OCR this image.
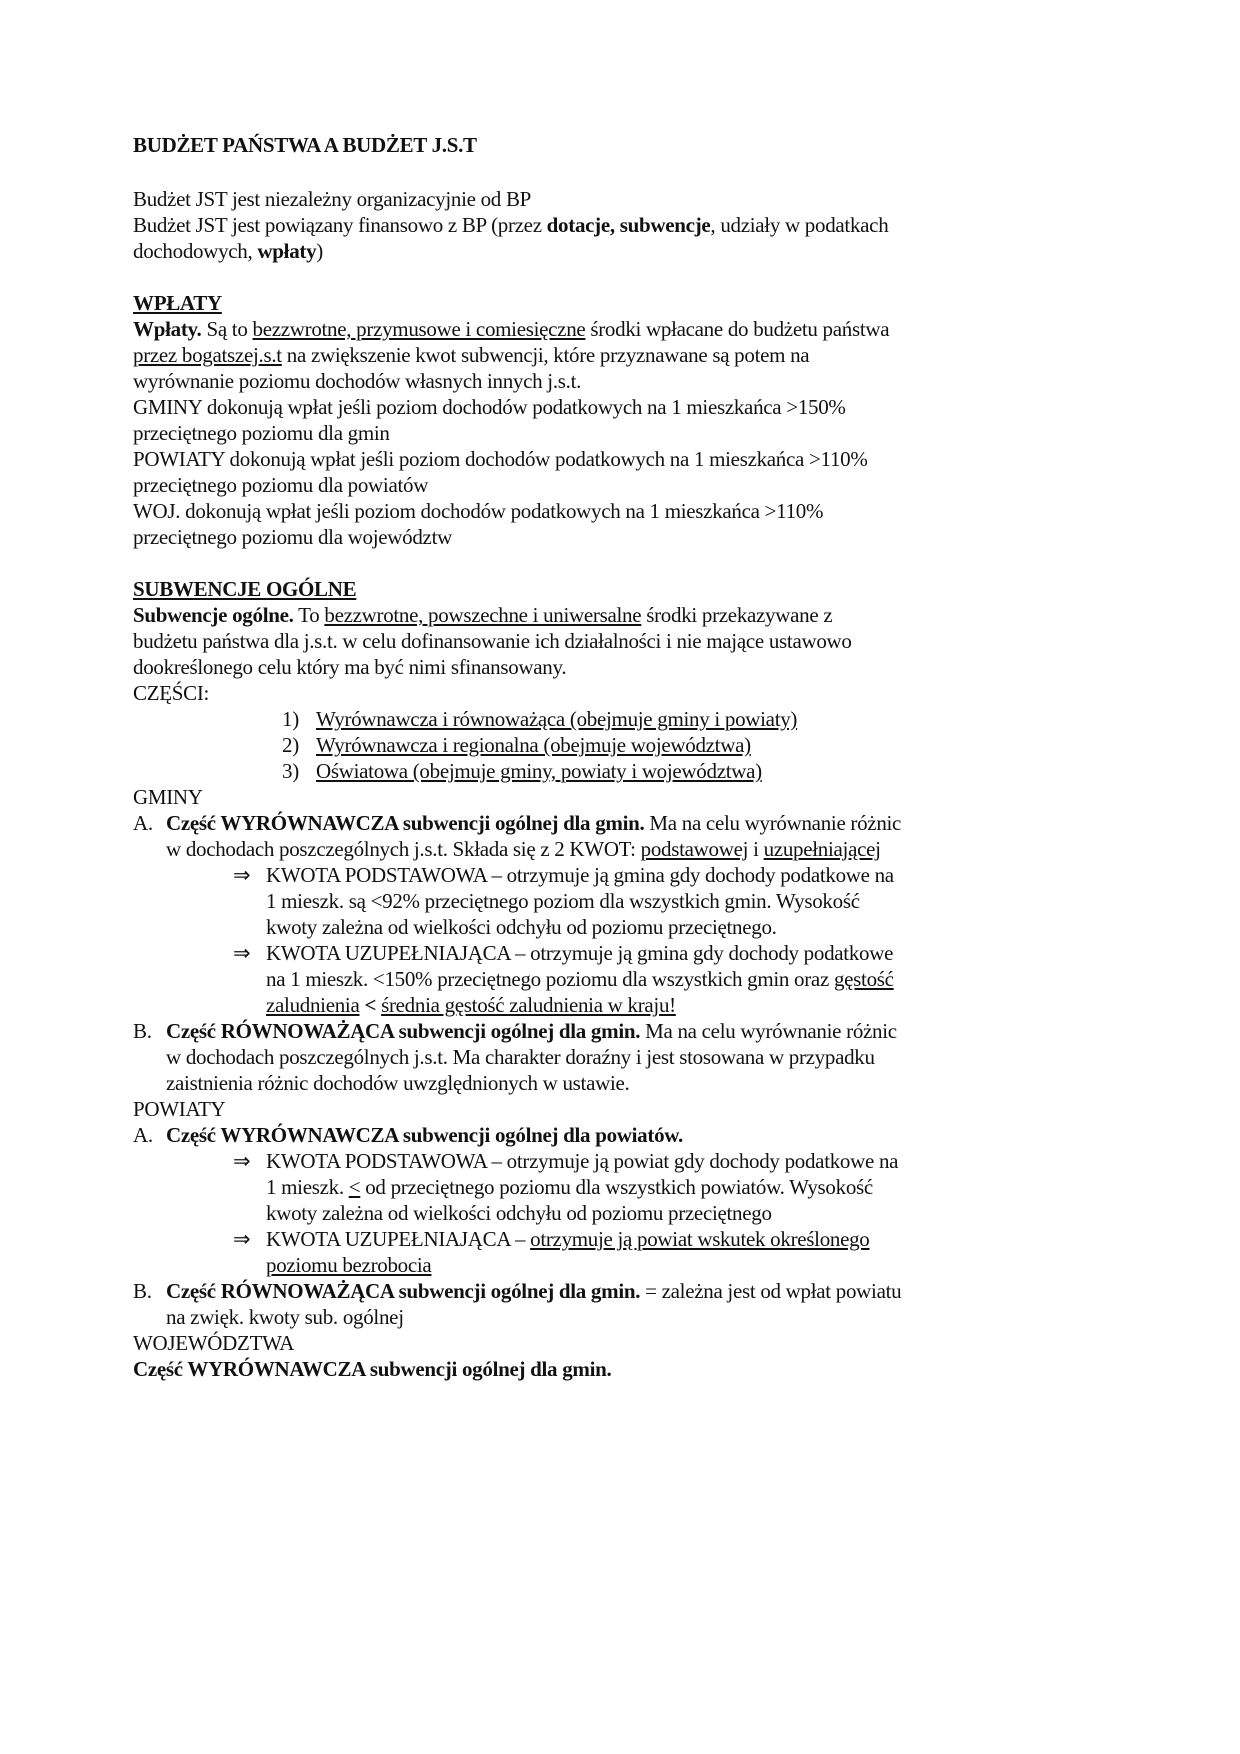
BUDŻET PAŃSTWA A BUDŻET J.S.T
Budżet JST jest niezależny organizacyjnie od BP
Budżet JST jest powiązany finansowo z BP (przez dotacje, subwencje, udziały w podatkach
dochodowych, wpłaty)
WPŁATY
Wpłaty. Są to bezzwrotne, przymusowe i comiesięczne środki wpłacane do budżetu państwa
przez bogatszej.s.t na zwiększenie kwot subwencji, które przyznawane są potem na
wyrównanie poziomu dochodów własnych innych j.s.t.
GMINY dokonują wpłat jeśli poziom dochodów podatkowych na 1 mieszkańca >150%
przeciętnego poziomu dla gmin
POWIATY dokonują wpłat jeśli poziom dochodów podatkowych na 1 mieszkańca >110%
przeciętnego poziomu dla powiatów
WOJ. dokonują wpłat jeśli poziom dochodów podatkowych na 1 mieszkańca >110%
przeciętnego poziomu dla województw
SUBWENCJE OGÓLNE
Subwencje ogólne. To bezzwrotne, powszechne i uniwersalne środki przekazywane z
budżetu państwa dla j.s.t. w celu dofinansowanie ich działalności i nie mające ustawowo
dookreślonego celu który ma być nimi sfinansowany.
CZĘŚCI:
1) Wyrównawcza i równoważąca (obejmuje gminy i powiaty)
2) Wyrównawcza i regionalna (obejmuje województwa)
3) Oświatowa (obejmuje gminy, powiaty i województwa)
GMINY
A. Część WYRÓWNAWCZA subwencji ogólnej dla gmin. Ma na celu wyrównanie różnic
w dochodach poszczególnych j.s.t. Składa się z 2 KWOT: podstawowej i uzupełniającej
⇒ KWOTA PODSTAWOWA – otrzymuje ją gmina gdy dochody podatkowe na
1 mieszk. są <92% przeciętnego poziom dla wszystkich gmin. Wysokość
kwoty zależna od wielkości odchyłu od poziomu przeciętnego.
⇒ KWOTA UZUPEŁNIAJĄCA – otrzymuje ją gmina gdy dochody podatkowe
na 1 mieszk. <150% przeciętnego poziomu dla wszystkich gmin oraz gęstość
zaludnienia < średnia gęstość zaludnienia w kraju!
B. Część RÓWNOWAŻĄCA subwencji ogólnej dla gmin. Ma na celu wyrównanie różnic
w dochodach poszczególnych j.s.t. Ma charakter doraźny i jest stosowana w przypadku
zaistnienia różnic dochodów uwzględnionych w ustawie.
POWIATY
A. Część WYRÓWNAWCZA subwencji ogólnej dla powiatów.
⇒ KWOTA PODSTAWOWA – otrzymuje ją powiat gdy dochody podatkowe na
1 mieszk. < od przeciętnego poziomu dla wszystkich powiatów. Wysokość
kwoty zależna od wielkości odchyłu od poziomu przeciętnego
⇒ KWOTA UZUPEŁNIAJĄCA – otrzymuje ją powiat wskutek określonego
poziomu bezrobocia
B. Część RÓWNOWAŻĄCA subwencji ogólnej dla gmin. = zależna jest od wpłat powiatu
na zwięk. kwoty sub. ogólnej
WOJEWÓDZTWA
Część WYRÓWNAWCZA subwencji ogólnej dla gmin.
